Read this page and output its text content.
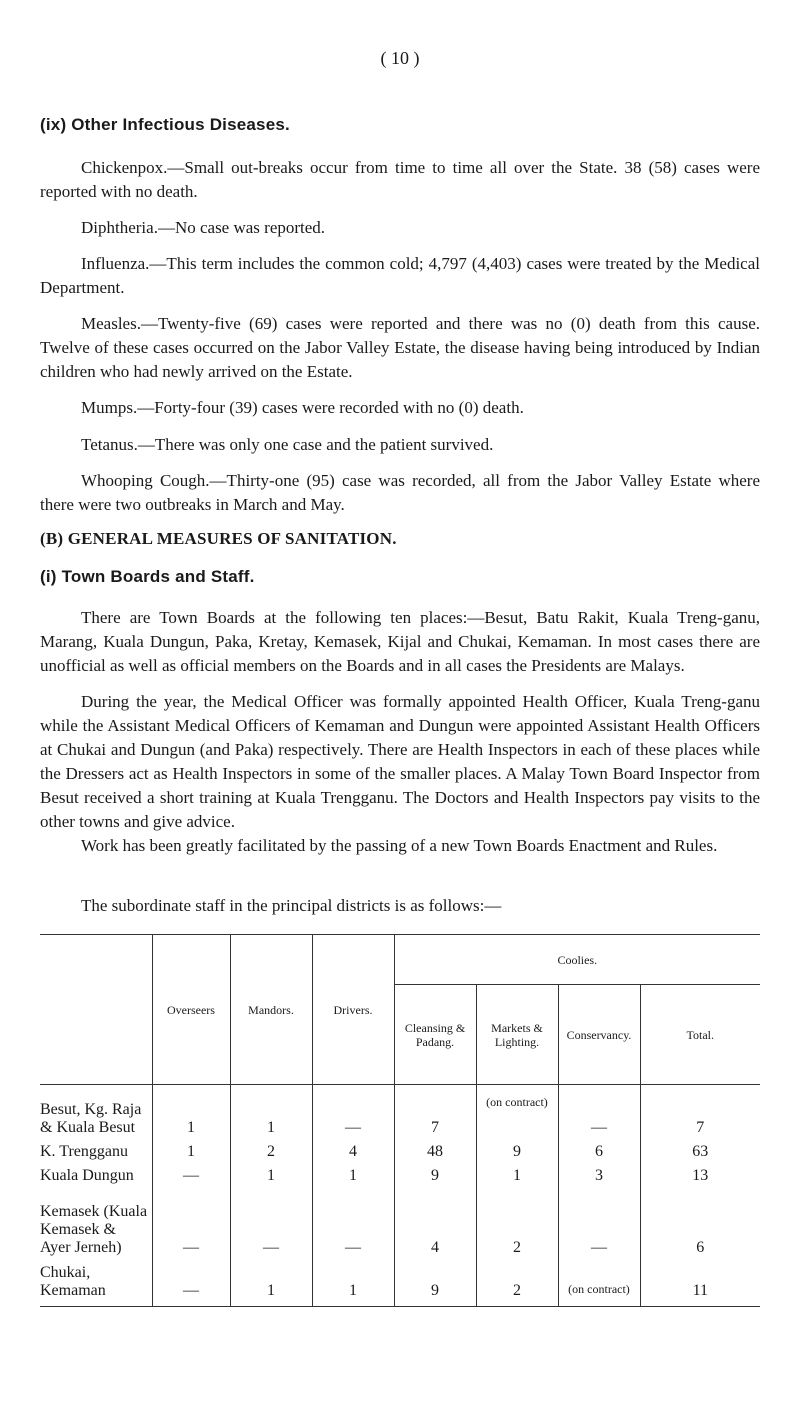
( 10 )
(ix) Other Infectious Diseases.

Chickenpox.—Small out-breaks occur from time to time all over the State. 38 (58) cases were reported with no death.

Diphtheria.—No case was reported.

Influenza.—This term includes the common cold; 4,797 (4,403) cases were treated by the Medical Department.

Measles.—Twenty-five (69) cases were reported and there was no (0) death from this cause. Twelve of these cases occurred on the Jabor Valley Estate, the disease having being introduced by Indian children who had newly arrived on the Estate.

Mumps.—Forty-four (39) cases were recorded with no (0) death.

Tetanus.—There was only one case and the patient survived.

Whooping Cough.—Thirty-one (95) case was recorded, all from the Jabor Valley Estate where there were two outbreaks in March and May.

(B) GENERAL MEASURES OF SANITATION.
(i) Town Boards and Staff.

There are Town Boards at the following ten places:—Besut, Batu Rakit, Kuala Treng-ganu, Marang, Kuala Dungun, Paka, Kretay, Kemasek, Kijal and Chukai, Kemaman. In most cases there are unofficial as well as official members on the Boards and in all cases the Presidents are Malays.

During the year, the Medical Officer was formally appointed Health Officer, Kuala Treng-ganu while the Assistant Medical Officers of Kemaman and Dungun were appointed Assistant Health Officers at Chukai and Dungun (and Paka) respectively. There are Health Inspectors in each of these places while the Dressers act as Health Inspectors in some of the smaller places. A Malay Town Board Inspector from Besut received a short training at Kuala Trengganu. The Doctors and Health Inspectors pay visits to the other towns and give advice.

Work has been greatly facilitated by the passing of a new Town Boards Enactment and Rules.

The subordinate staff in the principal districts is as follows:—

	Overseers	Mandors.	Drivers.	Coolies.			
				Cleansing & Padang.	Markets & Lighting.	Conservancy.	Total.

Besut, Kg. Raja
& Kuala Besut	1	1	—	7	(on contract)	—	7

K. Trengganu	1	2	4	48	9	6	63

Kuala Dungun	—	1	1	9	1	3	13

Kemasek (Kuala
Kemasek &
Ayer Jerneh)	—	—	—	4	2	—	6

Chukai,
Kemaman	—	1	1	9	2	(on contract)	11
